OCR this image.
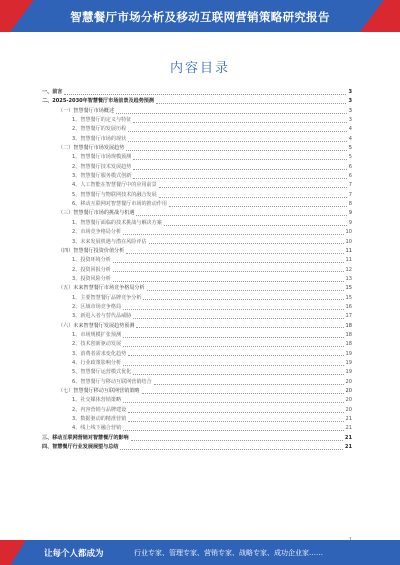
智慧餐厅市场分析及移动互联网营销策略研究报告
内容目录
一、前言	3
二、2025-2030年智慧餐厅市场前景及趋势预测	3
（一）智慧餐厅市场概述	3
1、智慧餐厅的定义与特征	3
2、智慧餐厅的发展历程	4
3、智慧餐厅市场的现状	4
（二）智慧餐厅市场发展趋势	5
1、智慧餐厅市场规模预测	5
2、智慧餐厅技术发展趋势	6
3、智慧餐厅服务模式创新	6
4、人工智能在智慧餐厅中的应用前景	7
5、智慧餐厅与物联网技术的融合发展	7
6、移动互联网对智慧餐厅市场的推动作用	8
（三）智慧餐厅市场的挑战与机遇	9
1、智慧餐厅面临的技术挑战与解决方案	9
2、市场竞争格局分析	10
3、未来发展机遇与潜在风险评估	10
（四）智慧餐厅投资价值分析	11
1、投资环境分析	11
2、投资回报分析	12
3、投资风险分析	13
（五）未来智慧餐厅市场竞争格局分析	15
1、主要智慧餐厅品牌竞争分析	15
2、区域市场竞争格局	16
3、新进入者与替代品威胁	17
（六）未来智慧餐厅发展趋势预测	18
1、市场规模扩张预测	18
2、技术创新驱动发展	18
3、消费者需求变化趋势	19
4、行业政策影响分析	19
5、智慧餐厅运营模式优化	19
6、智慧餐厅与移动互联网营销结合	20
（七）智慧餐厅移动互联网营销策略	20
1、社交媒体营销策略	20
2、内容营销与品牌建设	20
3、数据驱动的精准营销	21
4、线上线下融合营销	21
三、移动互联网营销对智慧餐厅的影响	21
四、智慧餐厅行业发展展望与总结	21
让每个人都成为	行业专家、管理专家、营销专家、战略专家、成功企业家……
